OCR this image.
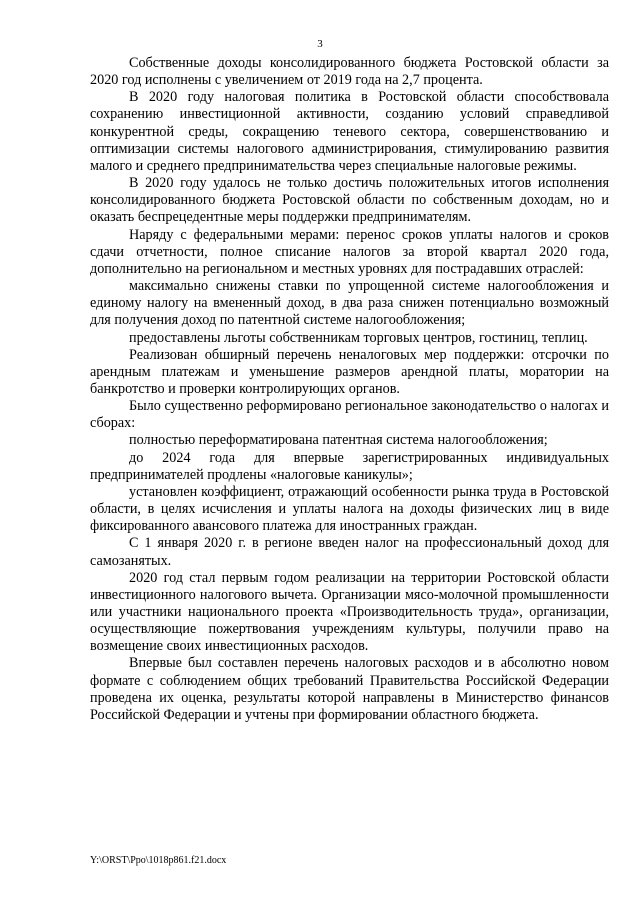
3

Собственные доходы консолидированного бюджета Ростовской области за 2020 год исполнены с увеличением от 2019 года на 2,7 процента.

В 2020 году налоговая политика в Ростовской области способствовала сохранению инвестиционной активности, созданию условий справедливой конкурентной среды, сокращению теневого сектора, совершенствованию и оптимизации системы налогового администрирования, стимулированию развития малого и среднего предпринимательства через специальные налоговые режимы.

В 2020 году удалось не только достичь положительных итогов исполнения консолидированного бюджета Ростовской области по собственным доходам, но и оказать беспрецедентные меры поддержки предпринимателям.

Наряду с федеральными мерами: перенос сроков уплаты налогов и сроков сдачи отчетности, полное списание налогов за второй квартал 2020 года, дополнительно на региональном и местных уровнях для пострадавших отраслей:

максимально снижены ставки по упрощенной системе налогообложения и единому налогу на вмененный доход, в два раза снижен потенциально возможный для получения доход по патентной системе налогообложения;

предоставлены льготы собственникам торговых центров, гостиниц, теплиц.

Реализован обширный перечень неналоговых мер поддержки: отсрочки по арендным платежам и уменьшение размеров арендной платы, моратории на банкротство и проверки контролирующих органов.

Было существенно реформировано региональное законодательство о налогах и сборах:

полностью переформатирована патентная система налогообложения;

до 2024 года для впервые зарегистрированных индивидуальных предпринимателей продлены «налоговые каникулы»;

установлен коэффициент, отражающий особенности рынка труда в Ростовской области, в целях исчисления и уплаты налога на доходы физических лиц в виде фиксированного авансового платежа для иностранных граждан.

С 1 января 2020 г. в регионе введен налог на профессиональный доход для самозанятых.

2020 год стал первым годом реализации на территории Ростовской области инвестиционного налогового вычета. Организации мясо-молочной промышленности или участники национального проекта «Производительность труда», организации, осуществляющие пожертвования учреждениям культуры, получили право на возмещение своих инвестиционных расходов.

Впервые был составлен перечень налоговых расходов и в абсолютно новом формате с соблюдением общих требований Правительства Российской Федерации проведена их оценка, результаты которой направлены в Министерство финансов Российской Федерации и учтены при формировании областного бюджета.

Y:\ORST\Ppo\1018p861.f21.docx
